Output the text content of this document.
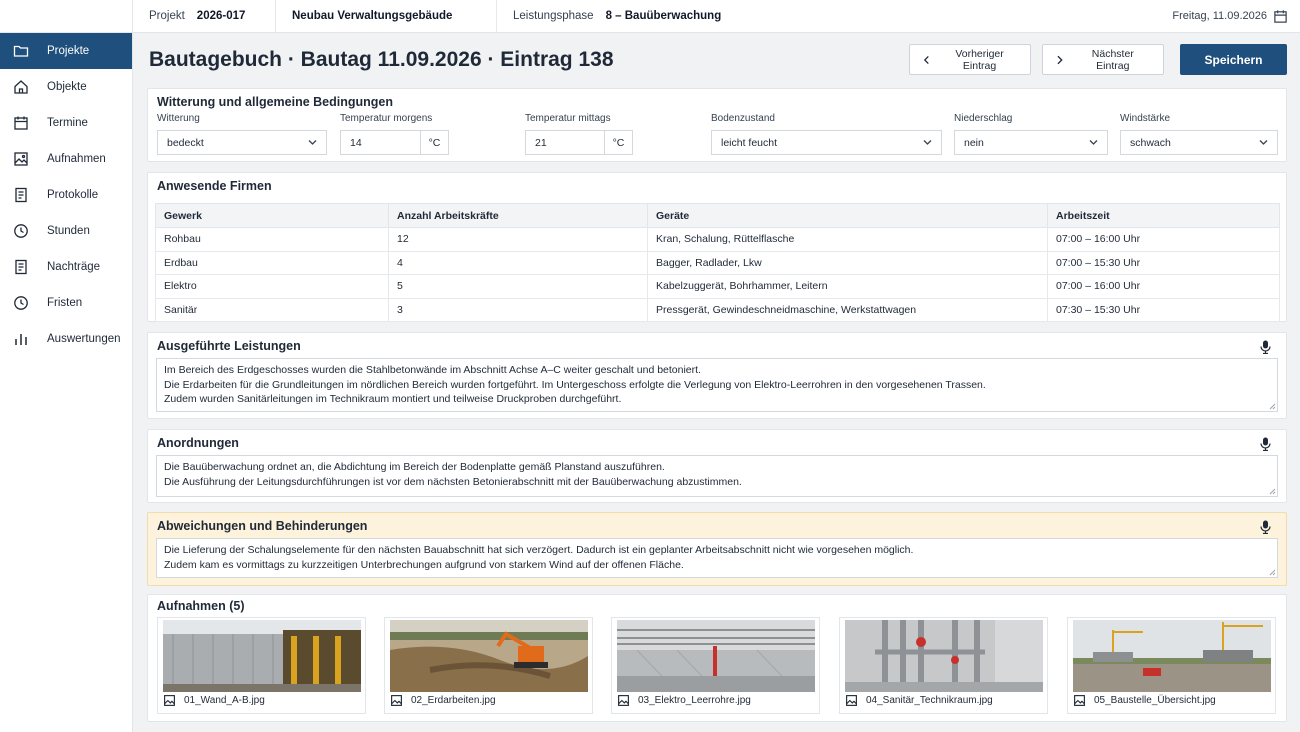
Projekte
Objekte
Termine
Aufnahmen
Protokolle
Stunden
Nachträge
Fristen
Auswertungen
Projekt 2026-017	Neubau Verwaltungsgebäude	Leistungsphase 8 – Bauüberwachung	Freitag, 11.09.2026
Bautagebuch · Bautag 11.09.2026 · Eintrag 138	Vorheriger Eintrag
Nächster Eintrag	Speichern
Witterung und allgemeine Bedingungen
Witterung
bedeckt
Temperatur morgens
14	°C
Temperatur mittags
21	°C
Bodenzustand
leicht feucht
Niederschlag
nein
Windstärke
schwach
Anwesende Firmen
Gewerk	Anzahl Arbeitskräfte	Geräte	Arbeitszeit
Rohbau	12	Kran, Schalung, Rüttelflasche	07:00 – 16:00 Uhr
Erdbau	4	Bagger, Radlader, Lkw	07:00 – 15:30 Uhr
Elektro	5	Kabelzuggerät, Bohrhammer, Leitern	07:00 – 16:00 Uhr
Sanitär	3	Pressgerät, Gewindeschneidmaschine, Werkstattwagen	07:30 – 15:30 Uhr
Ausgeführte Leistungen
Im Bereich des Erdgeschosses wurden die Stahlbetonwände im Abschnitt Achse A–C weiter geschalt und betoniert.
Die Erdarbeiten für die Grundleitungen im nördlichen Bereich wurden fortgeführt. Im Untergeschoss erfolgte die Verlegung von Elektro-Leerrohren in den vorgesehenen Trassen.
Zudem wurden Sanitärleitungen im Technikraum montiert und teilweise Druckproben durchgeführt.
Anordnungen
Die Bauüberwachung ordnet an, die Abdichtung im Bereich der Bodenplatte gemäß Planstand auszuführen.
Die Ausführung der Leitungsdurchführungen ist vor dem nächsten Betonierabschnitt mit der Bauüberwachung abzustimmen.
Abweichungen und Behinderungen
Die Lieferung der Schalungselemente für den nächsten Bauabschnitt hat sich verzögert. Dadurch ist ein geplanter Arbeitsabschnitt nicht wie vorgesehen möglich.
Zudem kam es vormittags zu kurzzeitigen Unterbrechungen aufgrund von starkem Wind auf der offenen Fläche.
Aufnahmen (5)
01_Wand_A-B.jpg	02_Erdarbeiten.jpg	03_Elektro_Leerrohre.jpg	04_Sanitär_Technikraum.jpg	05_Baustelle_Übersicht.jpg
